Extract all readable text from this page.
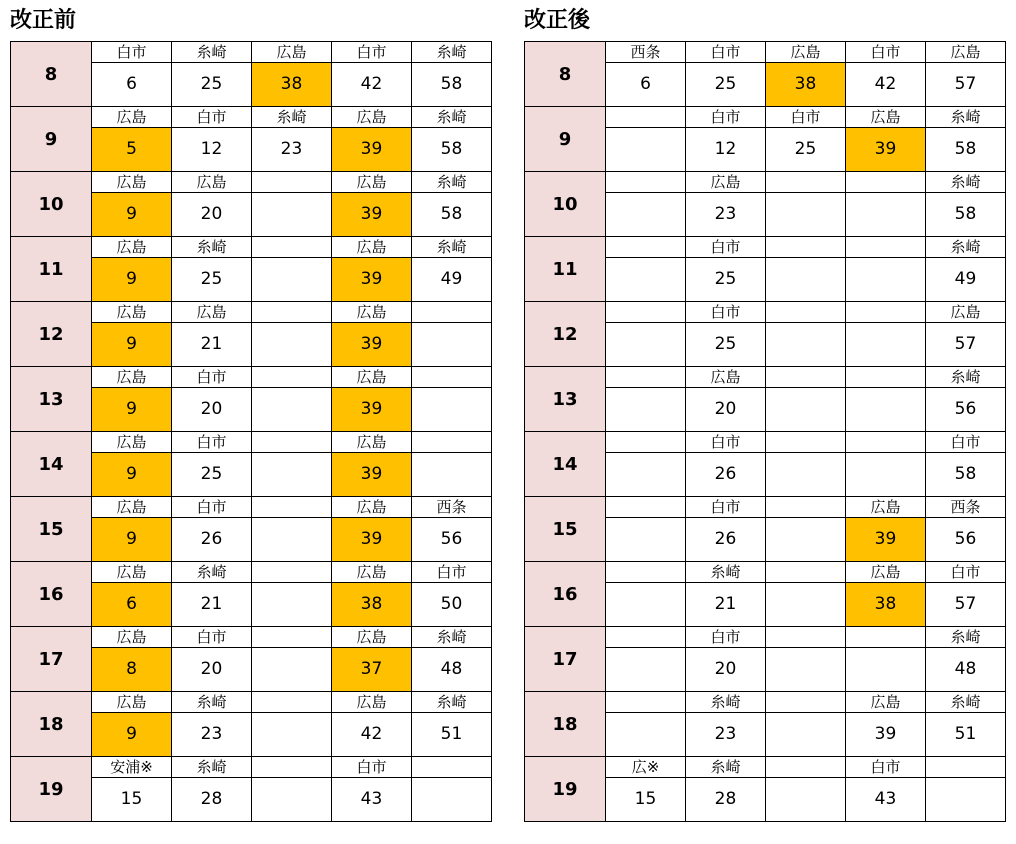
改正前
8	白市	糸崎	広島	白市	糸崎
	6	25	38	42	58
9	広島	白市	糸崎	広島	糸崎
	5	12	23	39	58
10	広島	広島		広島	糸崎
	9	20		39	58
11	広島	糸崎		広島	糸崎
	9	25		39	49
12	広島	広島		広島	
	9	21		39	
13	広島	白市		広島	
	9	20		39	
14	広島	白市		広島	
	9	25		39	
15	広島	白市		広島	西条
	9	26		39	56
16	広島	糸崎		広島	白市
	6	21		38	50
17	広島	白市		広島	糸崎
	8	20		37	48
18	広島	糸崎		広島	糸崎
	9	23		42	51
19	安浦※	糸崎		白市	
	15	28		43	
改正後
8	西条	白市	広島	白市	広島
	6	25	38	42	57
9		白市	白市	広島	糸崎
		12	25	39	58
10		広島			糸崎
		23			58
11		白市			糸崎
		25			49
12		白市			広島
		25			57
13		広島			糸崎
		20			56
14		白市			白市
		26			58
15		白市		広島	西条
		26		39	56
16		糸崎		広島	白市
		21		38	57
17		白市			糸崎
		20			48
18		糸崎		広島	糸崎
		23		39	51
19	広※	糸崎		白市	
	15	28		43	
